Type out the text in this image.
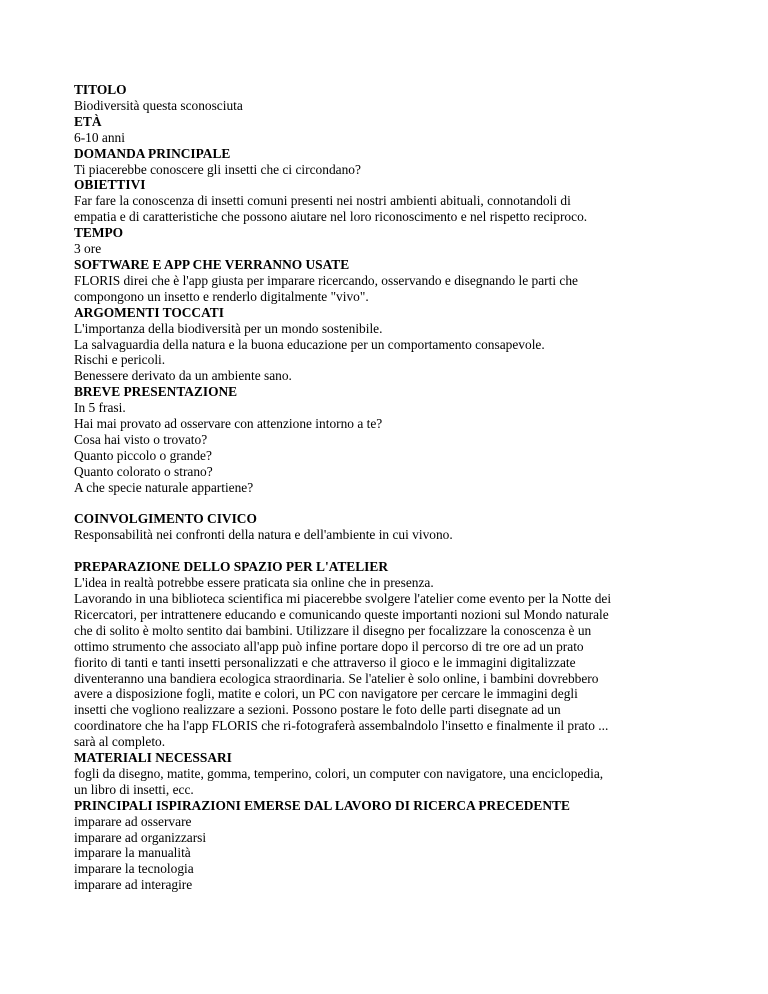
TITOLO

Biodiversità questa sconosciuta

ETÀ

6-10 anni

DOMANDA PRINCIPALE

Ti piacerebbe conoscere gli insetti che ci circondano?

OBIETTIVI

Far fare la conoscenza di insetti comuni presenti nei nostri ambienti abituali, connotandoli di

empatia e di caratteristiche che possono aiutare nel loro riconoscimento e nel rispetto reciproco.

TEMPO

3 ore

SOFTWARE E APP CHE VERRANNO USATE

FLORIS direi che è l'app giusta per imparare ricercando, osservando e disegnando le parti che

compongono un insetto e renderlo digitalmente "vivo".

ARGOMENTI TOCCATI

L'importanza della biodiversità per un mondo sostenibile.

La salvaguardia della natura e la buona educazione per un comportamento consapevole.

Rischi e pericoli.

Benessere derivato da un ambiente sano.

BREVE PRESENTAZIONE

In 5 frasi.

Hai mai provato ad osservare con attenzione intorno a te?

Cosa hai visto o trovato?

Quanto piccolo o grande?

Quanto colorato o strano?

A che specie naturale appartiene?

COINVOLGIMENTO CIVICO

Responsabilità nei confronti della natura e dell'ambiente in cui vivono.

PREPARAZIONE DELLO SPAZIO PER L'ATELIER

L'idea in realtà potrebbe essere praticata sia online che in presenza.

Lavorando in una biblioteca scientifica mi piacerebbe svolgere l'atelier come evento per la Notte dei

Ricercatori, per intrattenere educando e comunicando queste importanti nozioni sul Mondo naturale

che di solito è molto sentito dai bambini. Utilizzare il disegno per focalizzare la conoscenza è un

ottimo strumento che associato all'app può infine portare dopo il percorso di tre ore ad un prato

fiorito di tanti e tanti insetti personalizzati e che attraverso il gioco e le immagini digitalizzate

diventeranno una bandiera ecologica straordinaria. Se l'atelier è solo online, i bambini dovrebbero

avere a disposizione fogli, matite e colori, un PC con navigatore per cercare le immagini degli

insetti che vogliono realizzare a sezioni. Possono postare le foto delle parti disegnate ad un

coordinatore che ha l'app FLORIS che ri-fotograferà assembalndolo l'insetto e finalmente il prato ...

sarà al completo.

MATERIALI NECESSARI

fogli da disegno, matite, gomma, temperino, colori, un computer con navigatore, una enciclopedia,

un libro di insetti, ecc.

PRINCIPALI ISPIRAZIONI EMERSE DAL LAVORO DI RICERCA PRECEDENTE

imparare ad osservare

imparare ad organizzarsi

imparare la manualità

imparare la tecnologia

imparare ad interagire
